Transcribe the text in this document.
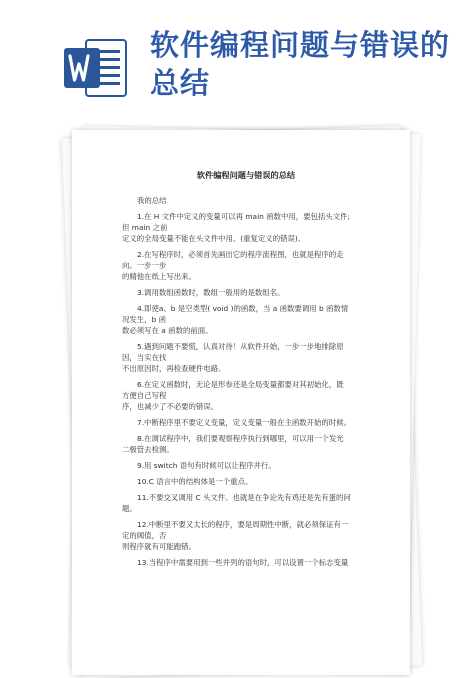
软件编程问题与错误的总结
软件编程问题与错误的总结
我的总结
1.在 H 文件中定义的变量可以再 main 函数中用，要包括头文件;
但 main 之前
定义的全局变量不能在头文件中用。(重复定义的错误)。
2.在写程序时，必须首先画出它的程序流程图，也就是程序的走
向。一步一步
的精他在纸上写出来。
3.调用数组函数时，数组一般用的是数组名。
4.即使a、b 是空类型( void )的函数，当 a 函数要调用 b 函数情
况发生，b 函
数必须写在 a 函数的前面。
5.遇到问题不要慌，认真对待！从软件开始，一步一步地排除原
因，当实在找
不出原因时，再检查硬件电路。
6.在定义函数时，无论是形参还是全局变量都要对其初始化，既
方便自己写程
序，也减少了不必要的错误。
7.中断程序里不要定义变量，定义变量一般在主函数开始的时候。
8.在调试程序中，我们要观察程序执行到哪里，可以用一个发光
二极管去检测。
9.用 switch 语句有时候可以让程序并行。
10.C 语言中的结构体是一个重点。
11.不要交叉调用 C 头文件。也就是在争论先有鸡还是先有蛋的问
题。
12.中断里不要又太长的程序，要是周期性中断，就必须保证有一
定的阈值，否
则程序就有可能跑错。
13.当程序中需要用到一些并列的语句时，可以设置一个标志变量
